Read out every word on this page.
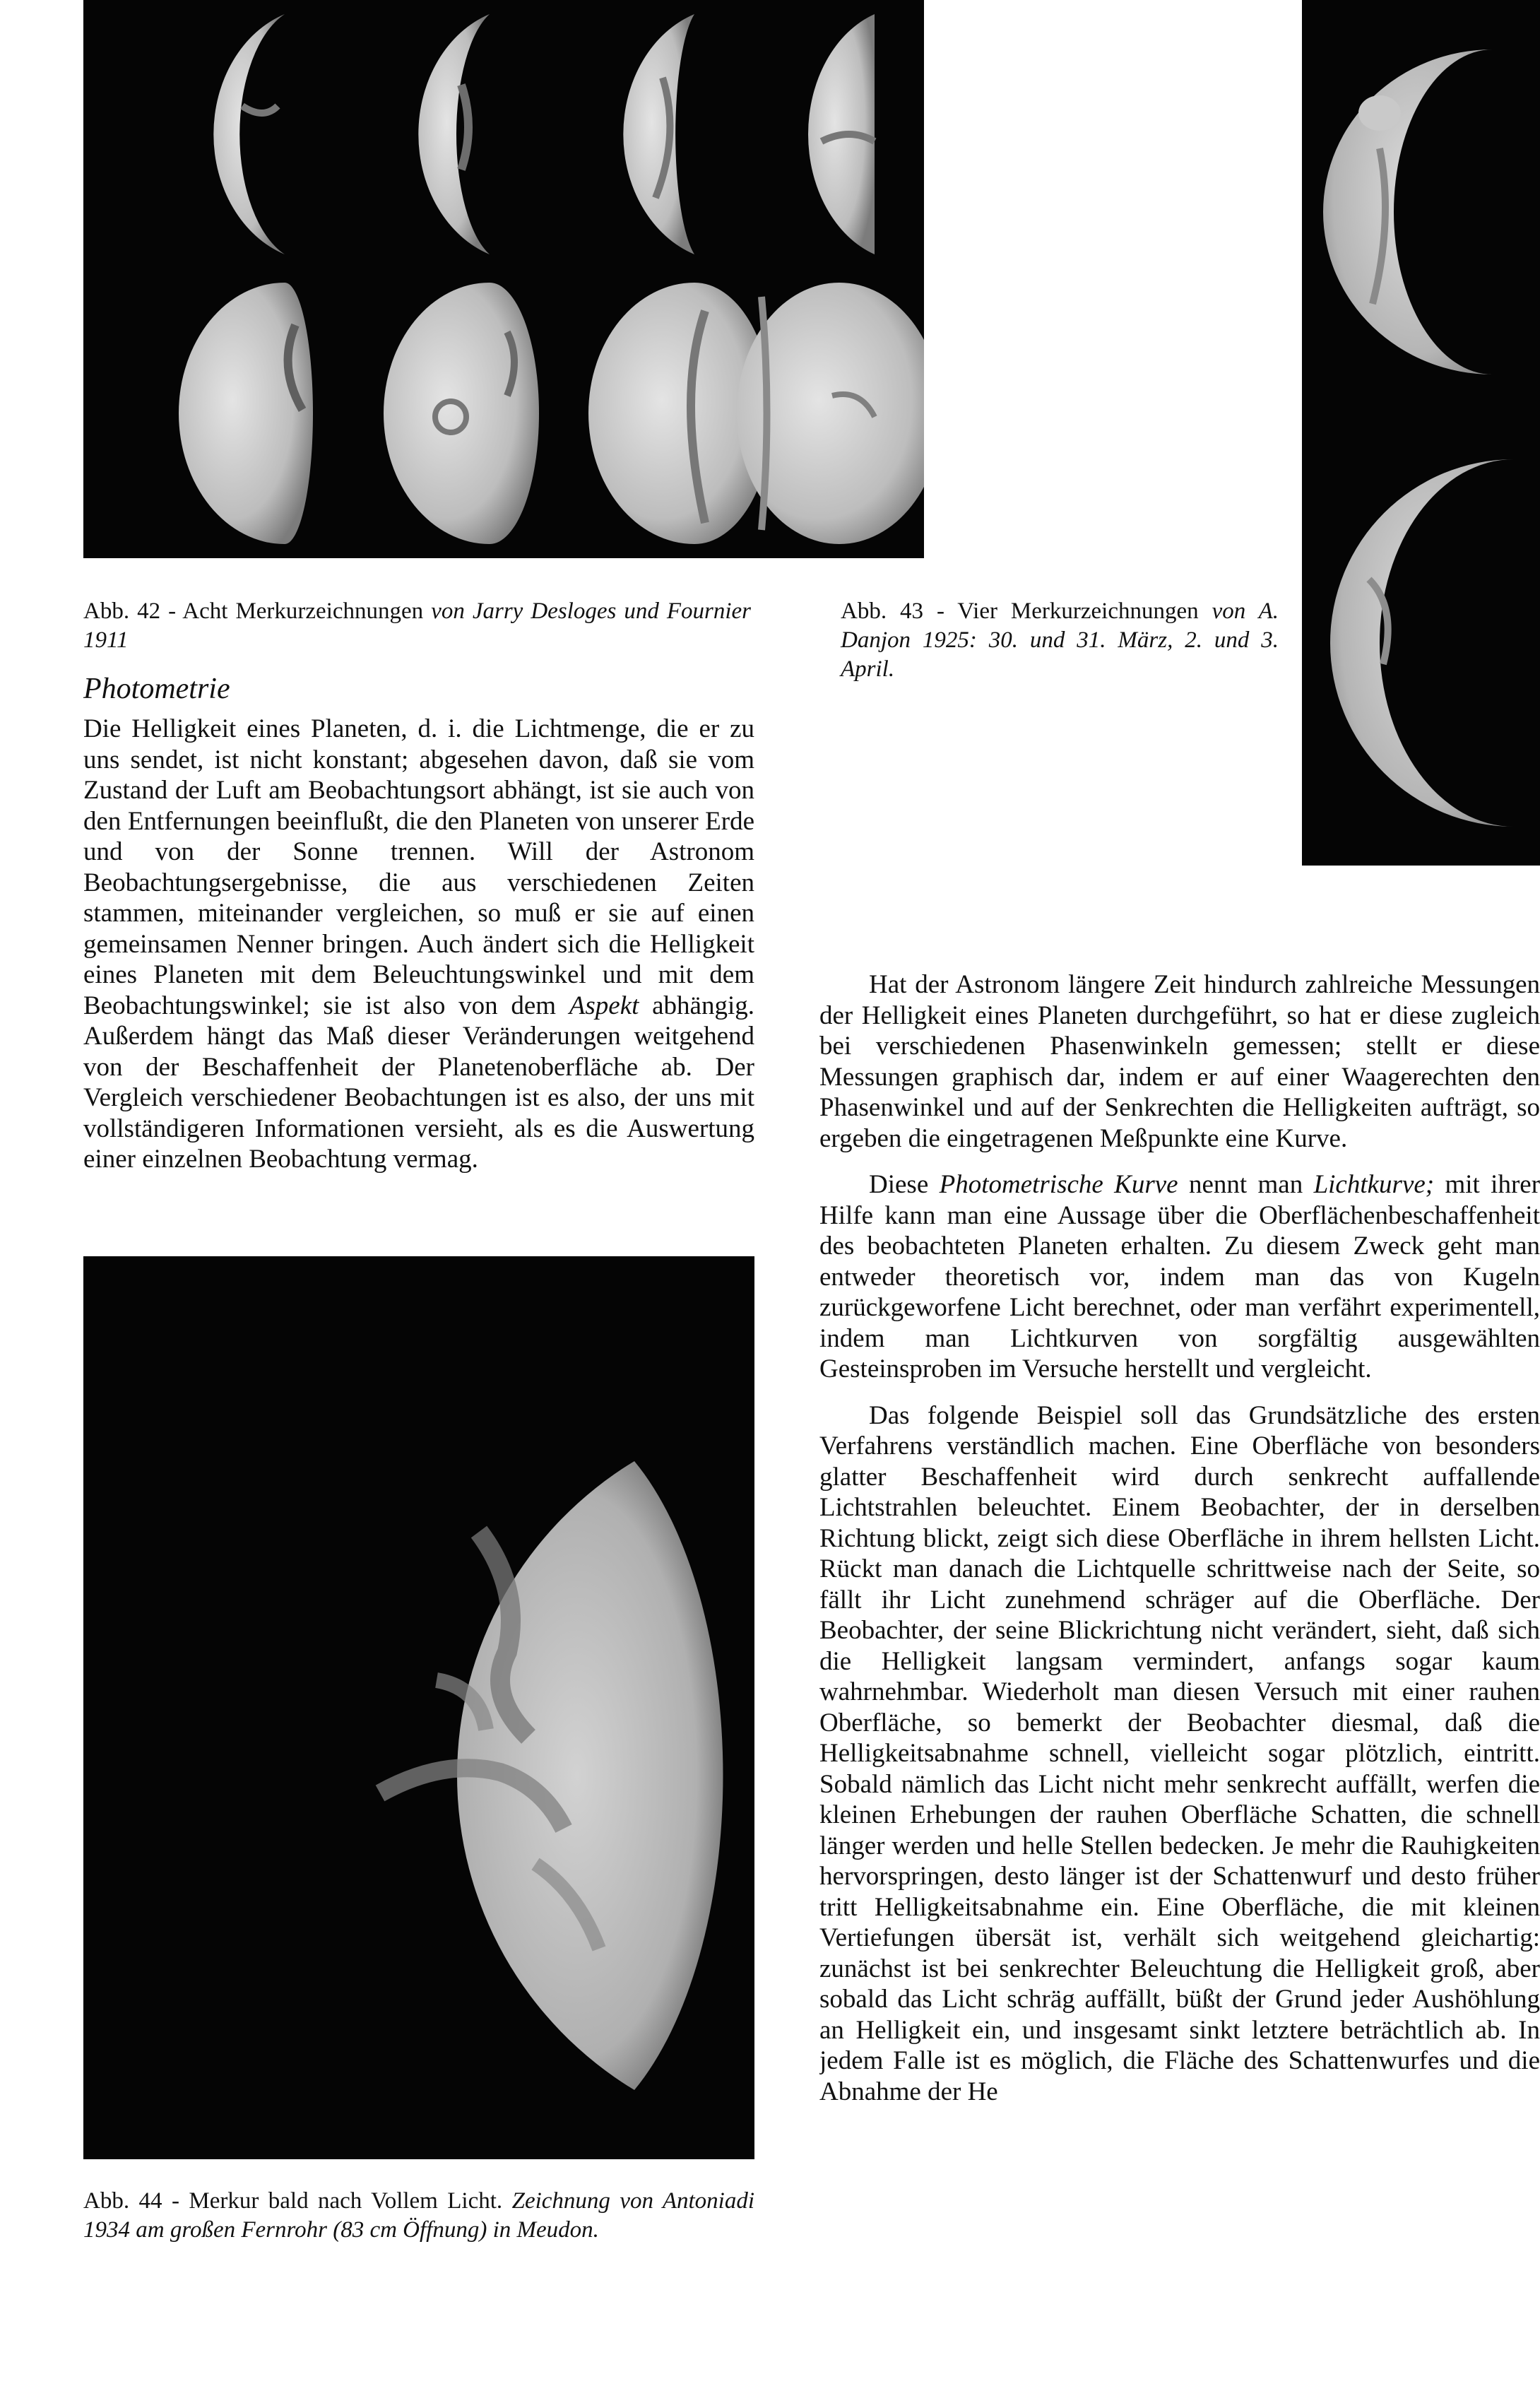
Abb. 42 - Acht Merkurzeichnungen von Jarry Desloges und Fournier 1911
Abb. 43 - Vier Merkurzeichnungen von A. Danjon 1925: 30. und 31. März, 2. und 3. April.
Photometrie

Die Helligkeit eines Planeten, d. i. die Lichtmenge, die er zu uns sendet, ist nicht konstant; abgesehen davon, daß sie vom Zustand der Luft am Beobachtungsort abhängt, ist sie auch von den Entfernungen beeinflußt, die den Planeten von unserer Erde und von der Sonne trennen. Will der Astronom Beobachtungsergebnisse, die aus verschiedenen Zeiten stammen, miteinander vergleichen, so muß er sie auf einen gemeinsamen Nenner bringen. Auch ändert sich die Helligkeit eines Planeten mit dem Beleuchtungswinkel und mit dem Beobachtungswinkel; sie ist also von dem Aspekt abhängig. Außerdem hängt das Maß dieser Veränderungen weitgehend von der Beschaffenheit der Planetenoberfläche ab. Der Vergleich verschiedener Beobachtungen ist es also, der uns mit vollständigeren Informationen versieht, als es die Auswertung einer einzelnen Beobachtung vermag.

Abb. 44 - Merkur bald nach Vollem Licht. Zeichnung von Antoniadi 1934 am großen Fernrohr (83 cm Öffnung) in Meudon.

Hat der Astronom längere Zeit hindurch zahlreiche Messungen der Helligkeit eines Planeten durchgeführt, so hat er diese zugleich bei verschiedenen Phasenwinkeln gemessen; stellt er diese Messungen graphisch dar, indem er auf einer Waagerechten den Phasenwinkel und auf der Senkrechten die Helligkeiten aufträgt, so ergeben die eingetragenen Meßpunkte eine Kurve.

Diese Photometrische Kurve nennt man Lichtkurve; mit ihrer Hilfe kann man eine Aussage über die Oberflächenbeschaffenheit des beobachteten Planeten erhalten. Zu diesem Zweck geht man entweder theoretisch vor, indem man das von Kugeln zurückgeworfene Licht berechnet, oder man verfährt experimentell, indem man Lichtkurven von sorgfältig ausgewählten Gesteinsproben im Versuche herstellt und vergleicht.

Das folgende Beispiel soll das Grundsätzliche des ersten Verfahrens verständlich machen. Eine Oberfläche von besonders glatter Beschaffenheit wird durch senkrecht auffallende Lichtstrahlen beleuchtet. Einem Beobachter, der in derselben Richtung blickt, zeigt sich diese Oberfläche in ihrem hellsten Licht. Rückt man danach die Lichtquelle schrittweise nach der Seite, so fällt ihr Licht zunehmend schräger auf die Oberfläche. Der Beobachter, der seine Blickrichtung nicht verändert, sieht, daß sich die Helligkeit langsam vermindert, anfangs sogar kaum wahrnehmbar. Wiederholt man diesen Versuch mit einer rauhen Oberfläche, so bemerkt der Beobachter diesmal, daß die Helligkeitsabnahme schnell, vielleicht sogar plötzlich, eintritt. Sobald nämlich das Licht nicht mehr senkrecht auffällt, werfen die kleinen Erhebungen der rauhen Oberfläche Schatten, die schnell länger werden und helle Stellen bedecken. Je mehr die Rauhigkeiten hervorspringen, desto länger ist der Schattenwurf und desto früher tritt Helligkeitsabnahme ein. Eine Oberfläche, die mit kleinen Vertiefungen übersät ist, verhält sich weitgehend gleichartig: zunächst ist bei senkrechter Beleuchtung die Helligkeit groß, aber sobald das Licht schräg auffällt, büßt der Grund jeder Aushöhlung an Helligkeit ein, und insgesamt sinkt letztere beträchtlich ab. In jedem Falle ist es möglich, die Fläche des Schattenwurfes und die Abnahme der He
